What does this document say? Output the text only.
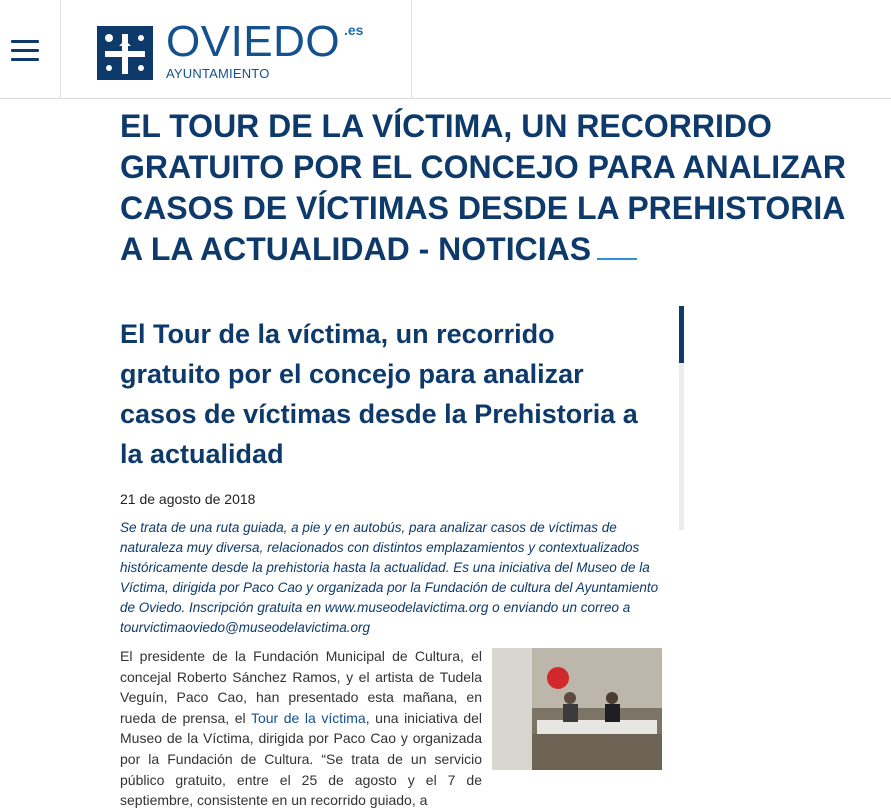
OVIEDO .es
AYUNTAMIENTO
EL TOUR DE LA VÍCTIMA, UN RECORRIDO GRATUITO POR EL CONCEJO PARA ANALIZAR CASOS DE VÍCTIMAS DESDE LA PREHISTORIA A LA ACTUALIDAD - NOTICIAS
El Tour de la víctima, un recorrido gratuito por el concejo para analizar casos de víctimas desde la Prehistoria a la actualidad
21 de agosto de 2018
Se trata de una ruta guiada, a pie y en autobús, para analizar casos de víctimas de naturaleza muy diversa, relacionados con distintos emplazamientos y contextualizados históricamente desde la prehistoria hasta la actualidad. Es una iniciativa del Museo de la Víctima, dirigida por Paco Cao y organizada por la Fundación de cultura del Ayuntamiento de Oviedo. Inscripción gratuita en www.museodelavictima.org o enviando un correo a tourvictimaoviedo@museodelavictima.org

El presidente de la Fundación Municipal de Cultura, el concejal Roberto Sánchez Ramos, y el artista de Tudela Veguín, Paco Cao, han presentado esta mañana, en rueda de prensa, el Tour de la víctima, una iniciativa del Museo de la Víctima, dirigida por Paco Cao y organizada por la Fundación de Cultura. “Se trata de un servicio público gratuito, entre el 25 de agosto y el 7 de septiembre, consistente en un recorrido guiado, a
